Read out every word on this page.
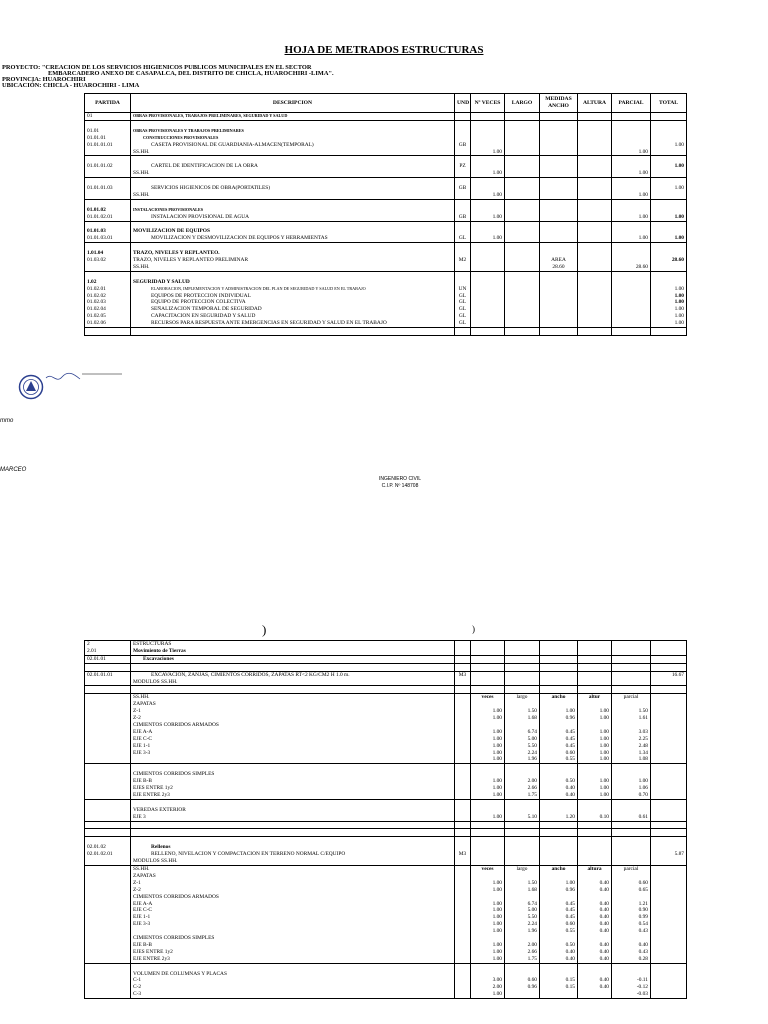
HOJA DE METRADOS ESTRUCTURAS
PROYECTO: "CREACION DE LOS SERVICIOS HIGIENICOS PUBLICOS MUNICIPALES EN EL SECTOR
EMBARCADERO ANEXO DE CASAPALCA, DEL DISTRITO DE CHICLA, HUAROCHIRI -LIMA".
PROVINCIA: HUAROCHIRI
UBICACIÓN: CHICLA - HUAROCHIRI - LIMA
PARTIDA	DESCRIPCION	UND	Nº VECES	LARGO	MEDIDAS
ANCHO	ALTURA	PARCIAL	TOTAL
01	OBRAS PROVISIONALES, TRABAJOS PRELIMINARES, SEGURIDAD Y SALUD							

01.01	OBRAS PROVISIONALES Y TRABAJOS PRELIMINARES							
01.01.01	CONSTRUCCIONES PROVISIONALES							
01.01.01.01	CASETA PROVISIONAL DE GUARDIANIA-ALMACEN(TEMPORAL)	GB						1.00
	SS.HH.		1.00				1.00	

01.01.01.02	CARTEL DE IDENTIFICACION DE LA OBRA	PZ						1.00
	SS.HH.		1.00				1.00	

01.01.01.03	SERVICIOS HIGIENICOS DE OBRA(PORTATILES)	GB						1.00
	SS.HH.		1.00				1.00	

01.01.02	INSTALACIONES PROVISIONALES							
01.01.02.01	INSTALACION PROVISIONAL DE AGUA	GB	1.00				1.00	1.00

01.01.03	MOVILIZACION DE EQUIPOS							
01.01.03.01	MOVILIZACION Y DESMOVILIZACION DE EQUIPOS Y HERRAMIENTAS	GL	1.00				1.00	1.00

1.01.04	TRAZO, NIVELES Y REPLANTEO.							
01.03.02	TRAZO, NIVELES Y REPLANTEO PRELIMINAR	M2			AREA			28.60
	SS.HH.				28.60		28.60	

1.02	SEGURIDAD Y SALUD							
01.02.01	ELABORACION, IMPLEMENTACION Y ADMINISTRACION DEL PLAN DE SEGURIDAD Y SALUD EN EL TRABAJO	UN						1.00
01.02.02	EQUIPOS DE PROTECCION INDIVIDUAL	GL						1.00
01.02.03	EQUIPO DE PROTECCION COLECTIVA	GL						1.00
01.02.04	SEÑALIZACION TEMPORAL DE SEGURIDAD	GL						1.00
01.02.05	CAPACITACION EN SEGURIDAD Y SALUD	GL						1.00
01.02.06	RECURSOS PARA RESPUESTA ANTE EMERGENCIAS EN SEGURIDAD Y SALUD EN EL TRABAJO	GL						1.00

mmo
MARCEO
INGENIERO CIVIL
C.I.P. Nº 148708
)	)
2	ESTRUCTURAS							
2.01	Movimiento de Tierras							
02.01.01	Excavaciones							

02.01.01.01	EXCAVACION, ZANJAS, CIMIENTOS CORRIDOS, ZAPATAS RT<2 KG/CM2 H 1.0 m.	M3						16.67
	MODULOS SS.HH.							

	SS.HH.		veces	largo	ancho	altur	parcial	
	ZAPATAS							
	Z-1		1.00	1.50	1.00	1.00	1.50	
	Z-2		1.00	1.68	0.96	1.00	1.61	
	CIMIENTOS CORRIDOS ARMADOS							
	EJE A-A		1.00	6.74	0.45	1.00	3.03	
	EJE C-C		1.00	5.00	0.45	1.00	2.25	
	EJE 1-1		1.00	5.50	0.45	1.00	2.48	
	EJE 3-3		1.00	2.24	0.60	1.00	1.34	
			1.00	1.96	0.55	1.00	1.08	

	CIMIENTOS CORRIDOS SIMPLES							
	EJE B-B		1.00	2.00	0.50	1.00	1.00	
	EJES ENTRE 1y2		1.00	2.66	0.40	1.00	1.06	
	EJE ENTRE 2y3		1.00	1.75	0.40	1.00	0.70	

	VEREDAS EXTERIOR							
	EJE 3		1.00	5.10	1.20	0.10	0.61	

02.01.02	Rellenos							
02.01.02.01	RELLENO, NIVELACION Y COMPACTACION EN TERRENO NORMAL C/EQUIPO	M3						5.87
	MODULOS SS.HH.							
	SS.HH.		veces	largo	ancho	altura	parcial	
	ZAPATAS							
	Z-1		1.00	1.50	1.00	0.40	0.60	
	Z-2		1.00	1.68	0.96	0.40	0.65	
	CIMIENTOS CORRIDOS ARMADOS							
	EJE A-A		1.00	6.74	0.45	0.40	1.21	
	EJE C-C		1.00	5.00	0.45	0.40	0.90	
	EJE 1-1		1.00	5.50	0.45	0.40	0.99	
	EJE 3-3		1.00	2.24	0.60	0.40	0.54	
			1.00	1.96	0.55	0.40	0.43	
	CIMIENTOS CORRIDOS SIMPLES							
	EJE B-B		1.00	2.00	0.50	0.40	0.40	
	EJES ENTRE 1y2		1.00	2.66	0.40	0.40	0.43	
	EJE ENTRE 2y3		1.00	1.75	0.40	0.40	0.28	

	VOLUMEN DE COLUMNAS Y PLACAS							
	C-1		3.00	0.60	0.15	0.40	-0.11	
	C-2		2.00	0.96	0.15	0.40	-0.12	
	C-3		1.00				-0.03	
